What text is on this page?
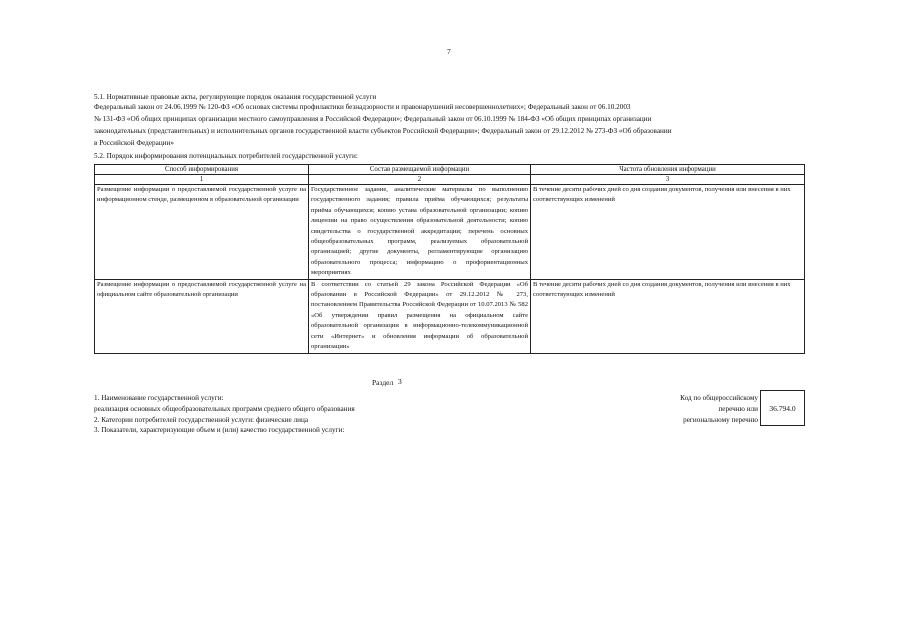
7
5.1. Нормативные правовые акты, регулирующие порядок оказания государственной услуги
Федеральный закон от 24.06.1999 № 120-ФЗ «Об основах системы профилактики безнадзорности и правонарушений несовершеннолетних»; Федеральный закон от 06.10.2003
№ 131-ФЗ «Об общих принципах организации местного самоуправления в Российской Федерации»; Федеральный закон от 06.10.1999 № 184-ФЗ «Об общих принципах организации
законодательных (представительных) и исполнительных органов государственной власти субъектов Российской Федерации»; Федеральный закон от 29.12.2012 № 273-ФЗ «Об образовании
в Российской Федерации»
5.2. Порядок информирования потенциальных потребителей государственной услуги:
Способ информирования	Состав размещаемой информации	Частота обновления информации
1	2	3
Размещение информации о предоставляемой государственной услуге на информационном стенде, размещенном в образовательной организации	Государственное задание, аналитические материалы по выполнению государственного задания; правила приёма обучающихся; результаты приёма обучающихся; копию устава образовательной организации; копию лицензии на право осуществления образовательной деятельности; копию свидетельства о государственной аккредитации; перечень основных общеобразовательных программ, реализуемых образовательной организацией; другие документы, регламентирующие организацию образовательного процесса; информацию о профориентационных мероприятиях	В течение десяти рабочих дней со дня создания документов, получения или внесения в них соответствующих изменений
Размещение информации о предоставляемой государственной услуге на официальном сайте образовательной организации	В соответствии со статьей 29 закона Российской Федерации «Об образовании в Российской Федерации» от 29.12.2012 № 273, постановлением Правительства Российской Федерации от 10.07.2013 № 582 «Об утверждении правил размещения на официальном сайте образовательной организации в информационно-телекоммуникационной сети «Интернет» и обновления информации об образовательной организации»	В течение десяти рабочих дней со дня создания документов, получения или внесения в них соответствующих изменений
Раздел 3
1. Наименование государственной услуги:
реализация основных общеобразовательных программ среднего общего образования
2. Категории потребителей государственной услуги: физические лица
3. Показатели, характеризующие объем и (или) качество государственной услуги:
Код по общероссийскому
перечню или
региональному перечню
36.794.0
